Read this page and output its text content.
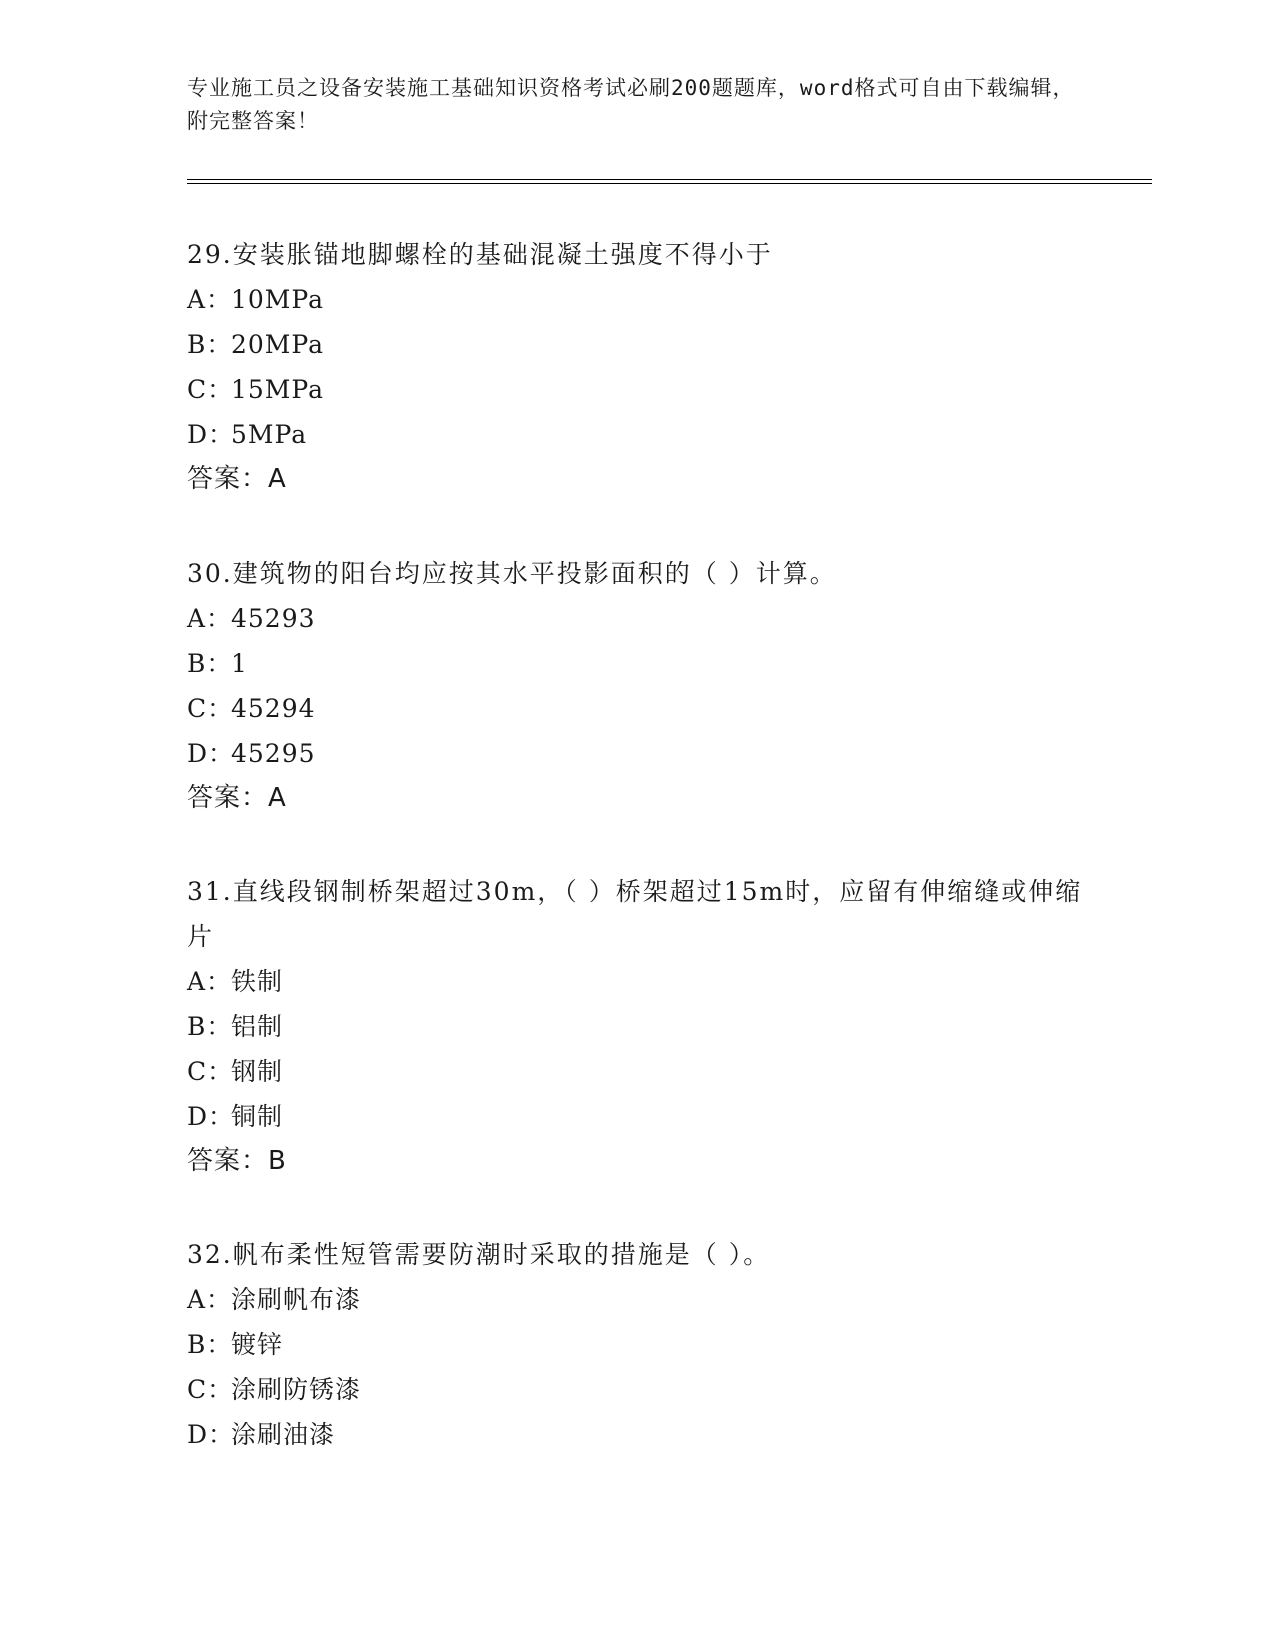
专业施工员之设备安装施工基础知识资格考试必刷200题题库，word格式可自由下载编辑，附完整答案！

29.安装胀锚地脚螺栓的基础混凝土强度不得小于

A：10MPa
B：20MPa
C：15MPa
D：5MPa
答案：A

30.建筑物的阳台均应按其水平投影面积的（ ）计算。

A：45293
B：1
C：45294
D：45295
答案：A

31.直线段钢制桥架超过30m，（ ）桥架超过15m时，应留有伸缩缝或伸缩片

A：铁制
B：铝制
C：钢制
D：铜制
答案：B

32.帆布柔性短管需要防潮时采取的措施是（ ）。

A：涂刷帆布漆
B：镀锌
C：涂刷防锈漆
D：涂刷油漆
